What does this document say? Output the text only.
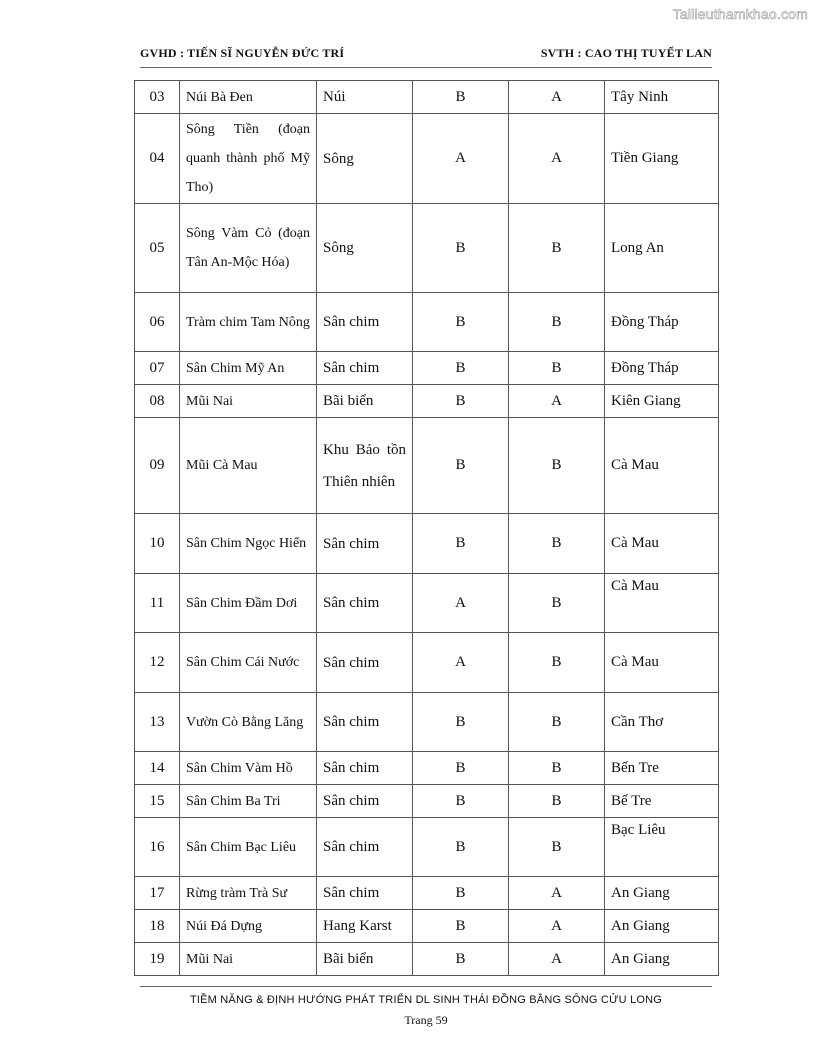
Tailieuthamkhao.com
GVHD : TIẾN SĨ NGUYỄN ĐỨC TRÍ	SVTH : CAO THỊ TUYẾT LAN
03	Núi Bà Đen	Núi	B	A	Tây Ninh
04	Sông Tiền (đoạn quanh thành phố Mỹ Tho)	Sông	A	A	Tiền Giang
05	Sông Vàm Cỏ (đoạn Tân An-Mộc Hóa)	Sông	B	B	Long An
06	Tràm chim Tam Nông	Sân chim	B	B	Đồng Tháp
07	Sân Chim Mỹ An	Sân chim	B	B	Đồng Tháp
08	Mũi Nai	Bãi biển	B	A	Kiên Giang
09	Mũi Cà Mau	Khu Bảo tồn Thiên nhiên	B	B	Cà Mau
10	Sân Chim Ngọc Hiển	Sân chim	B	B	Cà Mau
11	Sân Chim Đầm Dơi	Sân chim	A	B	Cà Mau
12	Sân Chim Cái Nước	Sân chim	A	B	Cà Mau
13	Vườn Cò Bằng Lăng	Sân chim	B	B	Cần Thơ
14	Sân Chim Vàm Hồ	Sân chim	B	B	Bến Tre
15	Sân Chim Ba Tri	Sân chim	B	B	Bế Tre
16	Sân Chim Bạc Liêu	Sân chim	B	B	Bạc Liêu
17	Rừng tràm Trà Sư	Sân chim	B	A	An Giang
18	Núi Đá Dựng	Hang Karst	B	A	An Giang
19	Mũi Nai	Bãi biển	B	A	An Giang
TIỀM NĂNG & ĐỊNH HƯỚNG PHÁT TRIỂN DL SINH THÁI ĐỒNG BẰNG SÔNG CỬU LONG
Trang 59
